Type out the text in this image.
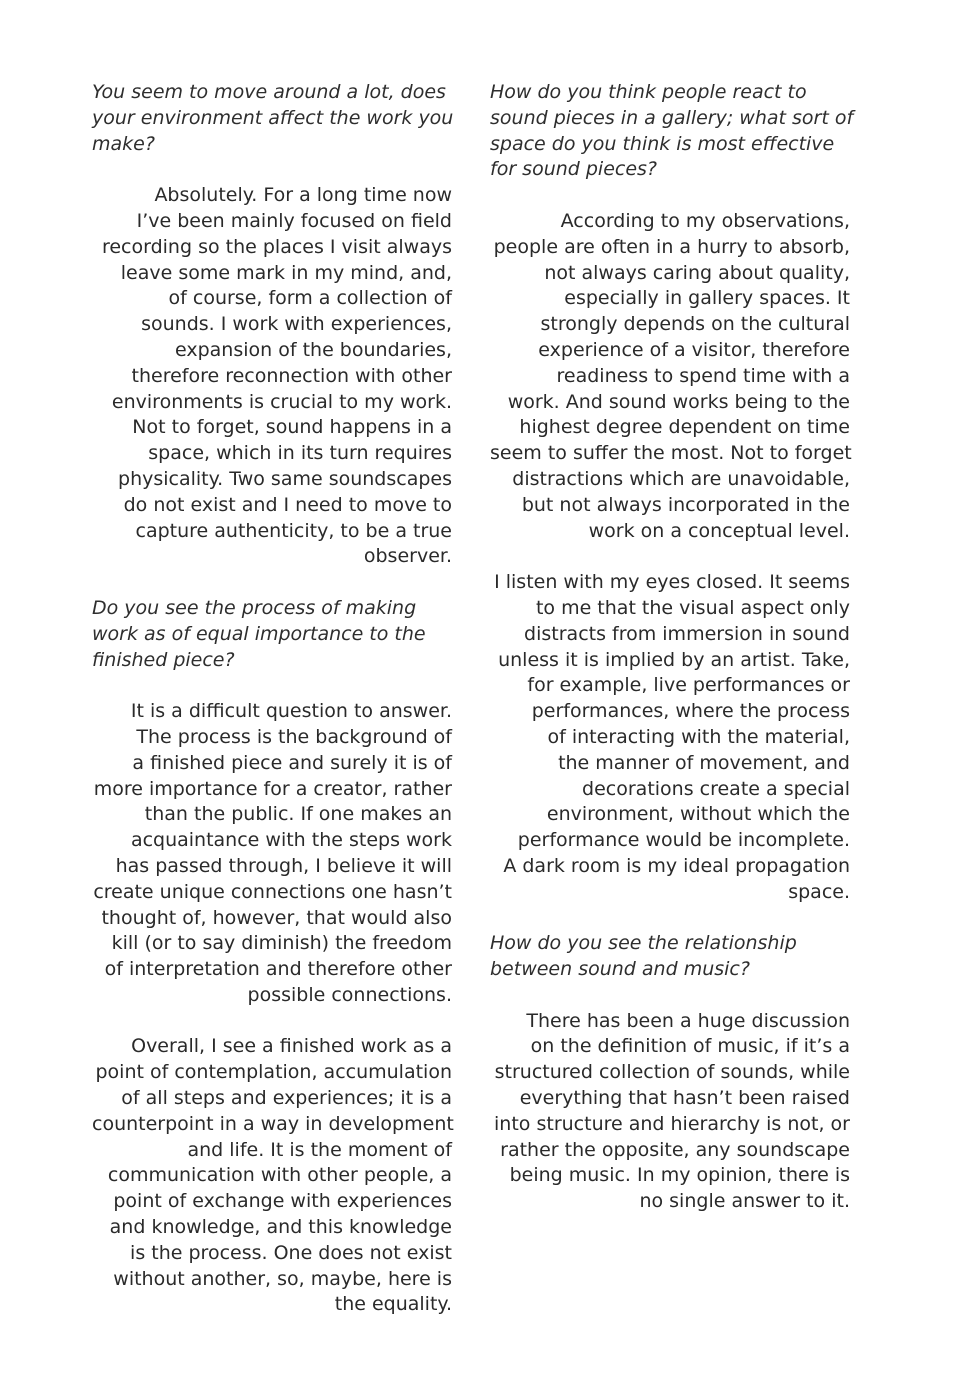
You seem to move around a lot, does
your environment affect the work you
make?

Absolutely. For a long time now
I’ve been mainly focused on field
recording so the places I visit always
leave some mark in my mind, and,
of course, form a collection of
sounds. I work with experiences,
expansion of the boundaries,
therefore reconnection with other
environments is crucial to my work.
Not to forget, sound happens in a
space, which in its turn requires
physicality. Two same soundscapes
do not exist and I need to move to
capture authenticity, to be a true
observer.

Do you see the process of making
work as of equal importance to the
finished piece?

It is a difficult question to answer.
The process is the background of
a finished piece and surely it is of
more importance for a creator, rather
than the public. If one makes an
acquaintance with the steps work
has passed through, I believe it will
create unique connections one hasn’t
thought of, however, that would also
kill (or to say diminish) the freedom
of interpretation and therefore other
possible connections.

Overall, I see a finished work as a
point of contemplation, accumulation
of all steps and experiences; it is a
counterpoint in a way in development
and life. It is the moment of
communication with other people, a
point of exchange with experiences
and knowledge, and this knowledge
is the process. One does not exist
without another, so, maybe, here is
the equality.

How do you think people react to
sound pieces in a gallery; what sort of
space do you think is most effective
for sound pieces?

According to my observations,
people are often in a hurry to absorb,
not always caring about quality,
especially in gallery spaces. It
strongly depends on the cultural
experience of a visitor, therefore
readiness to spend time with a
work. And sound works being to the
highest degree dependent on time
seem to suffer the most. Not to forget
distractions which are unavoidable,
but not always incorporated in the
work on a conceptual level.

I listen with my eyes closed. It seems
to me that the visual aspect only
distracts from immersion in sound
unless it is implied by an artist. Take,
for example, live performances or
performances, where the process
of interacting with the material,
the manner of movement, and
decorations create a special
environment, without which the
performance would be incomplete.
A dark room is my ideal propagation
space.

How do you see the relationship
between sound and music?

There has been a huge discussion
on the definition of music, if it’s a
structured collection of sounds, while
everything that hasn’t been raised
into structure and hierarchy is not, or
rather the opposite, any soundscape
being music. In my opinion, there is
no single answer to it.
